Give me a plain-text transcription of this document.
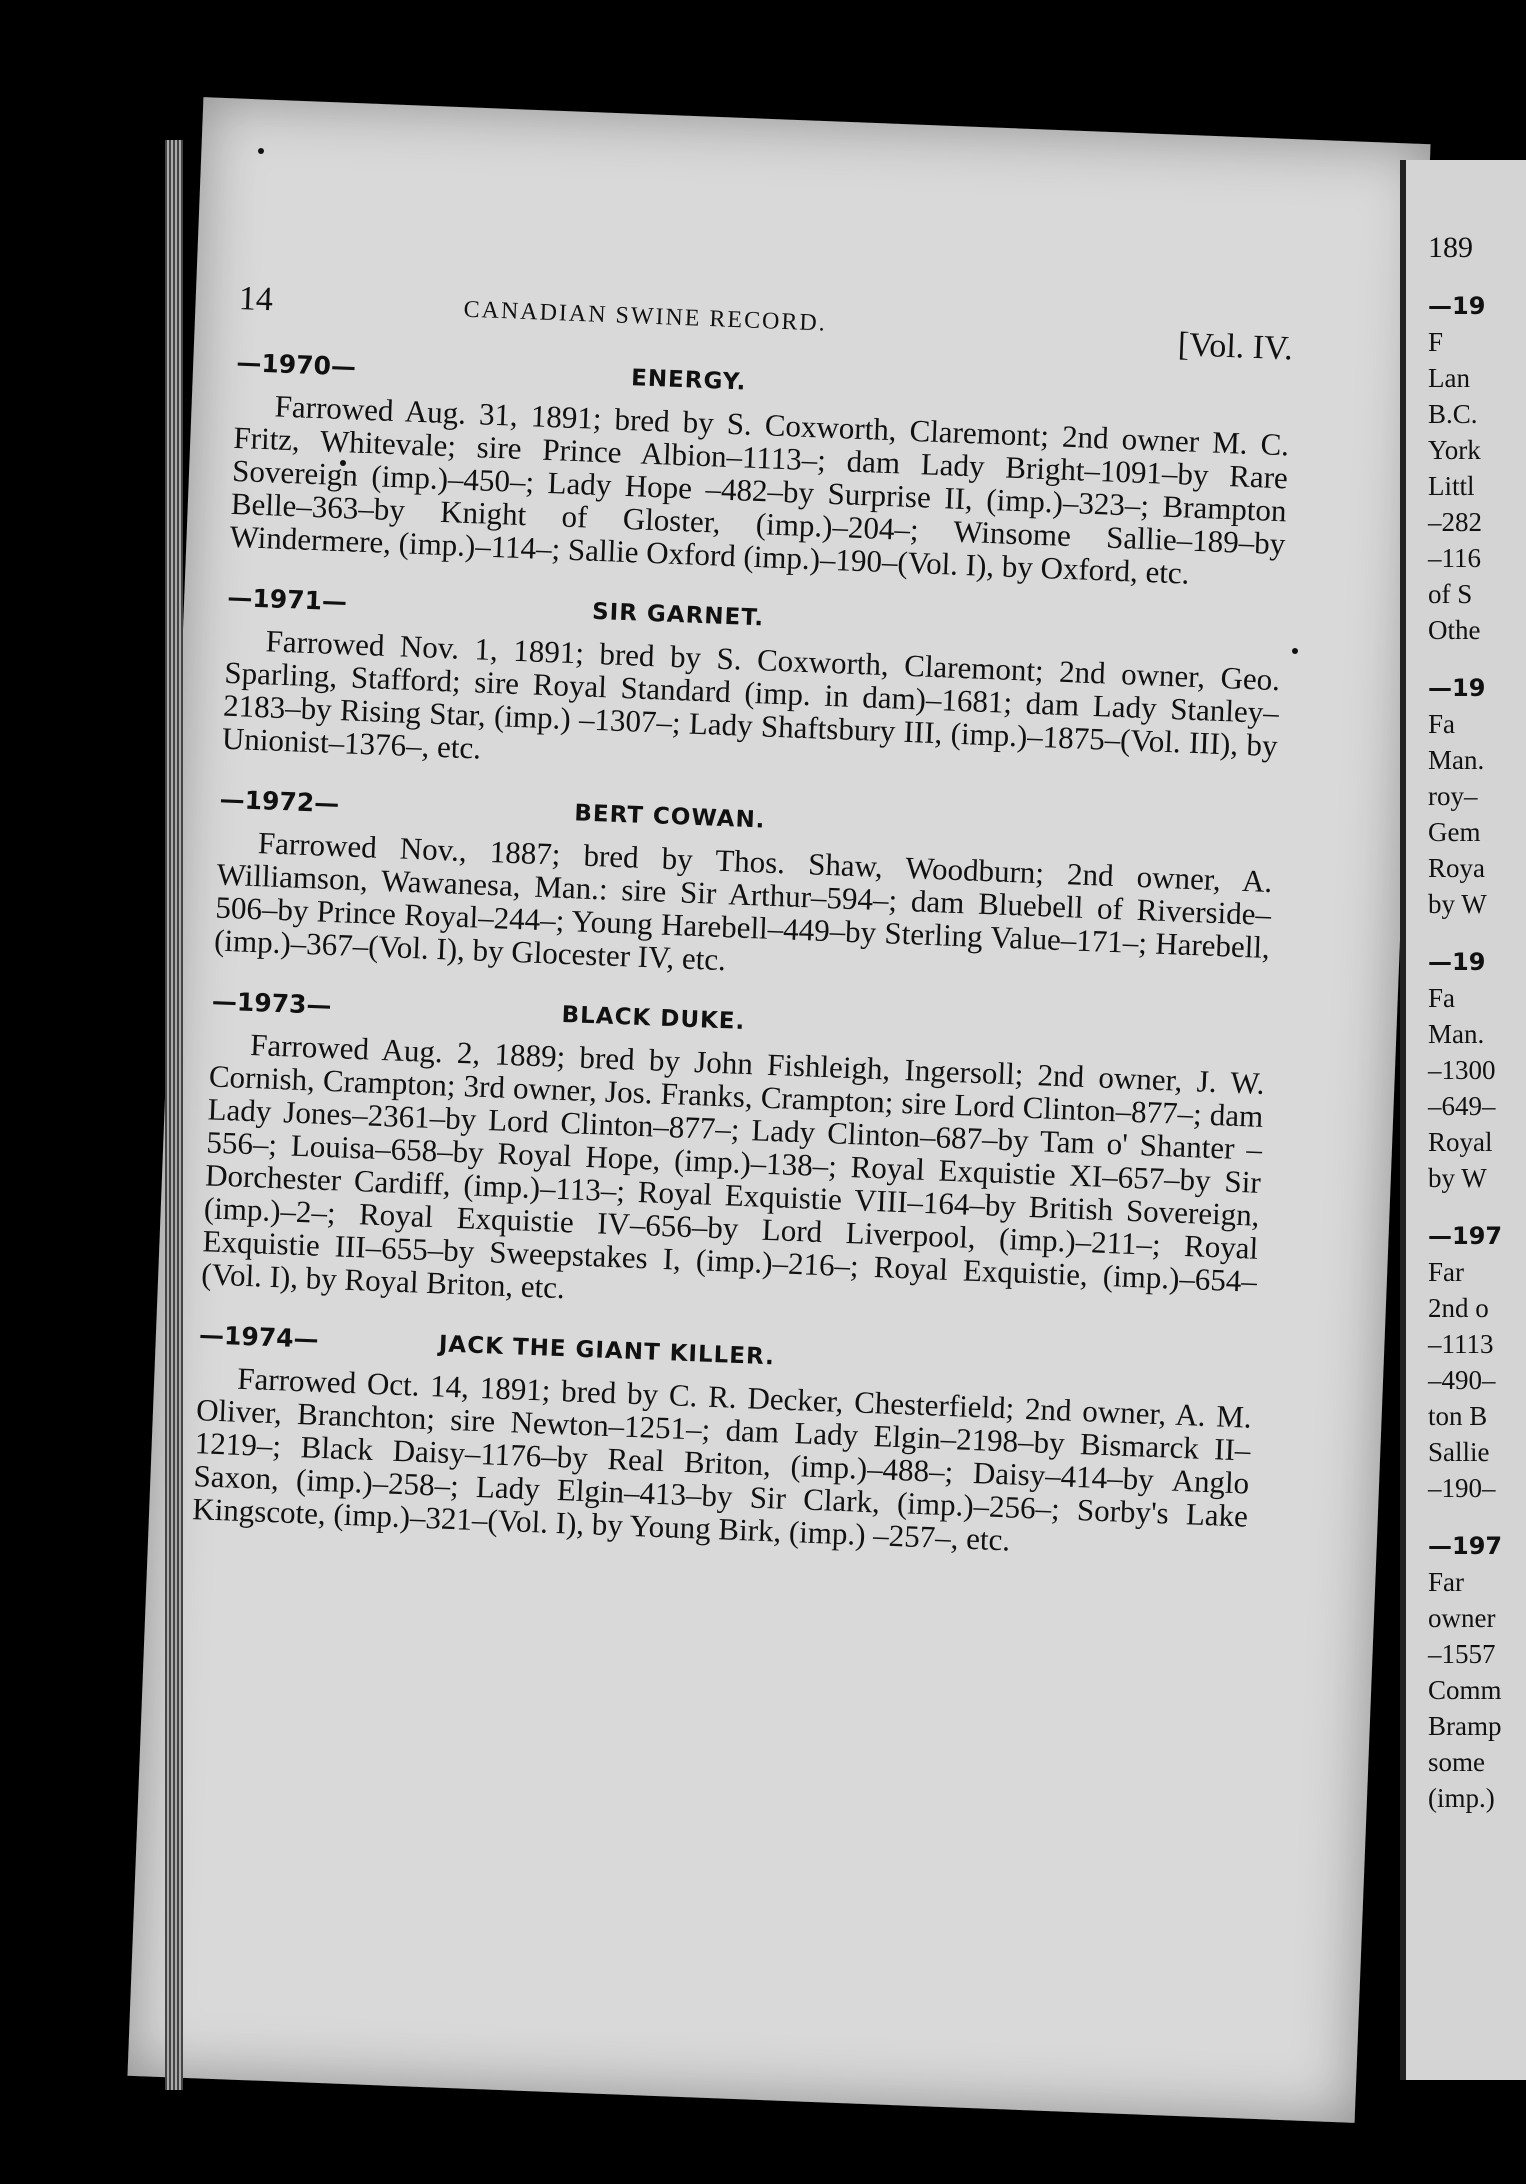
189
—19
F
Lan
B.C.
York
Littl
–282
–116
of S
Othe
—19
Fa
Man.
roy–
Gem
Roya
by W
—19
Fa
Man.
–1300
–649–
Royal
by W
—197
Far
2nd o
–1113
–490–
ton B
Sallie
–190–
—197
Far
owner
–1557
Comm
Bramp
some
(imp.)
14	CANADIAN SWINE RECORD.
[Vol. IV.
—1970—	ENERGY.

Farrowed Aug. 31, 1891; bred by S. Coxworth, Claremont; 2nd owner M. C. Fritz, Whitevale; sire Prince Albion–1113–; dam Lady Bright–1091–by Rare Sovereign (imp.)–450–; Lady Hope –482–by Surprise II, (imp.)–323–; Brampton Belle–363–by Knight of Gloster, (imp.)–204–; Winsome Sallie–189–by Windermere, (imp.)–114–; Sallie Oxford (imp.)–190–(Vol. I), by Oxford, etc.

—1971—	SIR GARNET.

Farrowed Nov. 1, 1891; bred by S. Coxworth, Claremont; 2nd owner, Geo. Sparling, Stafford; sire Royal Standard (imp. in dam)–1681; dam Lady Stanley–2183–by Rising Star, (imp.) –1307–; Lady Shaftsbury III, (imp.)–1875–(Vol. III), by Unionist–1376–, etc.

—1972—	BERT COWAN.

Farrowed Nov., 1887; bred by Thos. Shaw, Woodburn; 2nd owner, A. Williamson, Wawanesa, Man.: sire Sir Arthur–594–; dam Bluebell of Riverside–506–by Prince Royal–244–; Young Harebell–449–by Sterling Value–171–; Harebell, (imp.)–367–(Vol. I), by Glocester IV, etc.

—1973—	BLACK DUKE.

Farrowed Aug. 2, 1889; bred by John Fishleigh, Ingersoll; 2nd owner, J. W. Cornish, Crampton; 3rd owner, Jos. Franks, Crampton; sire Lord Clinton–877–; dam Lady Jones–2361–by Lord Clinton–877–; Lady Clinton–687–by Tam o' Shanter –556–; Louisa–658–by Royal Hope, (imp.)–138–; Royal Exquistie XI–657–by Sir Dorchester Cardiff, (imp.)–113–; Royal Exquistie VIII–164–by British Sovereign, (imp.)–2–; Royal Exquistie IV–656–by Lord Liverpool, (imp.)–211–; Royal Exquistie III–655–by Sweepstakes I, (imp.)–216–; Royal Exquistie, (imp.)–654–(Vol. I), by Royal Briton, etc.

—1974—	JACK THE GIANT KILLER.

Farrowed Oct. 14, 1891; bred by C. R. Decker, Chesterfield; 2nd owner, A. M. Oliver, Branchton; sire Newton–1251–; dam Lady Elgin–2198–by Bismarck II–1219–; Black Daisy–1176–by Real Briton, (imp.)–488–; Daisy–414–by Anglo Saxon, (imp.)–258–; Lady Elgin–413–by Sir Clark, (imp.)–256–; Sorby's Lake Kingscote, (imp.)–321–(Vol. I), by Young Birk, (imp.) –257–, etc.
